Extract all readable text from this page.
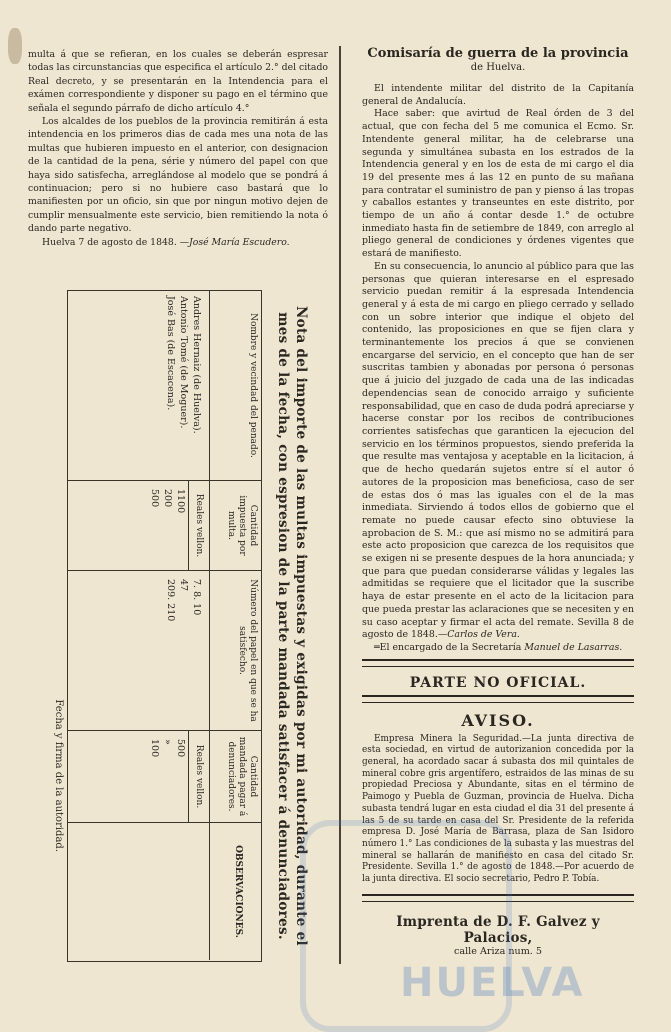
multa á que se refieran, en los cuales se deberán espresar todas las circunstancias que especifica el artículo 2.° del citado Real decreto, y se presentarán en la Intendencia para el exámen correspondiente y disponer su pago en el término que señala el segundo párrafo de dicho artículo 4.°

Los alcaldes de los pueblos de la provincia remitirán á esta intendencia en los primeros dias de cada mes una nota de las multas que hubieren impuesto en el anterior, con designacion de la cantidad de la pena, série y número del papel con que haya sido satisfecha, arreglándose al modelo que se pondrá á continuacion; pero si no hubiere caso bastará que lo manifiesten por un oficio, sin que por ningun motivo dejen de cumplir mensualmente este servicio, bien remitiendo la nota ó dando parte negativo.

Huelva 7 de agosto de 1848. —José María Escudero.

Nota del importe de las multas impuestas y exigidas por mi autoridad, durante el mes de la fecha, con espresion de la parte mandada satisfacer á denunciadores.
Nombre y vecindad del penado.
Andres Hernaiz (de Huelva).
Antonio Tomé (de Moguer).
José Bas (de Escacena).
Cantidad impuesta por multa.
Reales vellon.
1100
200
500
Número del papel en que se ha satisfecho.
7. 8. 10
47
209. 210
Cantidad mandada pagar á denunciadores.
Reales vellon.
500
»
100
OBSERVACIONES.
Fecha y firma de la autoridad.
Comisaría de guerra de la provincia
de Huelva.

El intendente militar del distrito de la Capitanía general de Andalucía.

Hace saber: que avirtud de Real órden de 3 del actual, que con fecha del 5 me comunica el Ecmo. Sr. Intendente general militar, ha de celebrarse una segunda y simultánea subasta en los estrados de la Intendencia general y en los de esta de mi cargo el dia 19 del presente mes á las 12 en punto de su mañana para contratar el suministro de pan y pienso á las tropas y caballos estantes y transeuntes en este distrito, por tiempo de un año á contar desde 1.° de octubre inmediato hasta fin de setiembre de 1849, con arreglo al pliego general de condiciones y órdenes vigentes que estará de manifiesto.

En su consecuencia, lo anuncio al público para que las personas que quieran interesarse en el espresado servicio puedan remitir á la espresada Intendencia general y á esta de mi cargo en pliego cerrado y sellado con un sobre interior que indique el objeto del contenido, las proposiciones en que se fijen clara y terminantemente los precios á que se convienen encargarse del servicio, en el concepto que han de ser suscritas tambien y abonadas por persona ó personas que á juicio del juzgado de cada una de las indicadas dependencias sean de conocido arraigo y suficiente responsabilidad, que en caso de duda podrá apreciarse y hacerse constar por los recibos de contribuciones corrientes satisfechas que garanticen la ejecucion del servicio en los términos propuestos, siendo preferida la que resulte mas ventajosa y aceptable en la licitacion, á que de hecho quedarán sujetos entre sí el autor ó autores de la proposicion mas beneficiosa, caso de ser de estas dos ó mas las iguales con el de la mas inmediata. Sirviendo á todos ellos de gobierno que el remate no puede causar efecto sino obtuviese la aprobacion de S. M.: que así mismo no se admitirá para este acto proposicion que carezca de los requisitos que se exigen ni se presente despues de la hora anunciada; y que para que puedan considerarse válidas y legales las admitidas se requiere que el licitador que la suscribe haya de estar presente en el acto de la licitacion para que pueda prestar las aclaraciones que se necesiten y en su caso aceptar y firmar el acta del remate. Sevilla 8 de agosto de 1848.—Carlos de Vera.

═El encargado de la Secretaría Manuel de Lasarras.

PARTE NO OFICIAL.
AVISO.

Empresa Minera la Seguridad.—La junta directiva de esta sociedad, en virtud de autorizanion concedida por la general, ha acordado sacar á subasta dos mil quintales de mineral cobre gris argentífero, estraidos de las minas de su propiedad Preciosa y Abundante, sitas en el término de Paimogo y Puebla de Guzman, provincia de Huelva. Dicha subasta tendrá lugar en esta ciudad el dia 31 del presente á las 5 de su tarde en casa del Sr. Presidente de la referida empresa D. José María de Barrasa, plaza de San Isidoro número 1.° Las condiciones de la subasta y las muestras del mineral se hallarán de manifiesto en casa del citado Sr. Presidente. Sevilla 1.° de agosto de 1848.—Por acuerdo de la junta directiva. El socio secretario, Pedro P. Tobía.

Imprenta de D. F. Galvez y Palacios,
calle Ariza num. 5
HUELVA
